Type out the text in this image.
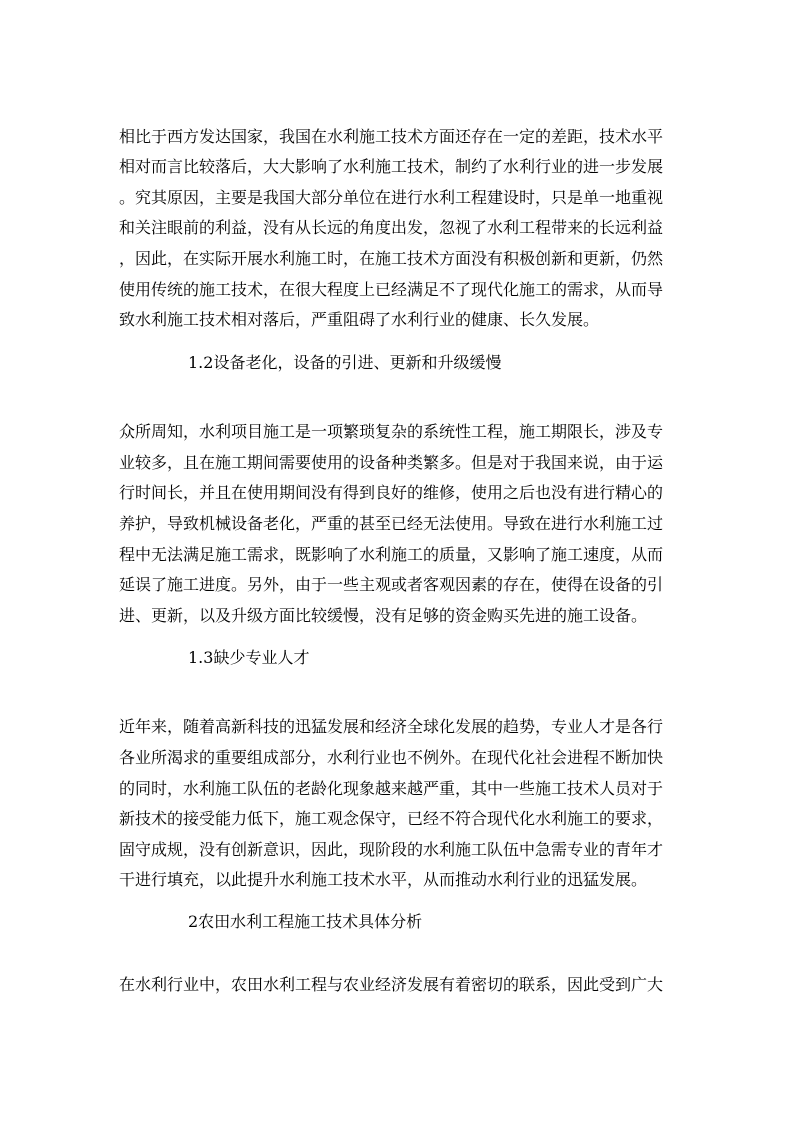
相比于西方发达国家，我国在水利施工技术方面还存在一定的差距，技术水平
相对而言比较落后，大大影响了水利施工技术，制约了水利行业的进一步发展
。究其原因，主要是我国大部分单位在进行水利工程建设时，只是单一地重视
和关注眼前的利益，没有从长远的角度出发，忽视了水利工程带来的长远利益
，因此，在实际开展水利施工时，在施工技术方面没有积极创新和更新，仍然
使用传统的施工技术，在很大程度上已经满足不了现代化施工的需求，从而导
致水利施工技术相对落后，严重阻碍了水利行业的健康、长久发展。
1.2设备老化，设备的引进、更新和升级缓慢
众所周知，水利项目施工是一项繁琐复杂的系统性工程，施工期限长，涉及专
业较多，且在施工期间需要使用的设备种类繁多。但是对于我国来说，由于运
行时间长，并且在使用期间没有得到良好的维修，使用之后也没有进行精心的
养护，导致机械设备老化，严重的甚至已经无法使用。导致在进行水利施工过
程中无法满足施工需求，既影响了水利施工的质量，又影响了施工速度，从而
延误了施工进度。另外，由于一些主观或者客观因素的存在，使得在设备的引
进、更新，以及升级方面比较缓慢，没有足够的资金购买先进的施工设备。
1.3缺少专业人才
近年来，随着高新科技的迅猛发展和经济全球化发展的趋势，专业人才是各行
各业所渴求的重要组成部分，水利行业也不例外。在现代化社会进程不断加快
的同时，水利施工队伍的老龄化现象越来越严重，其中一些施工技术人员对于
新技术的接受能力低下，施工观念保守，已经不符合现代化水利施工的要求，
固守成规，没有创新意识，因此，现阶段的水利施工队伍中急需专业的青年才
干进行填充，以此提升水利施工技术水平，从而推动水利行业的迅猛发展。
2农田水利工程施工技术具体分析
在水利行业中，农田水利工程与农业经济发展有着密切的联系，因此受到广大
